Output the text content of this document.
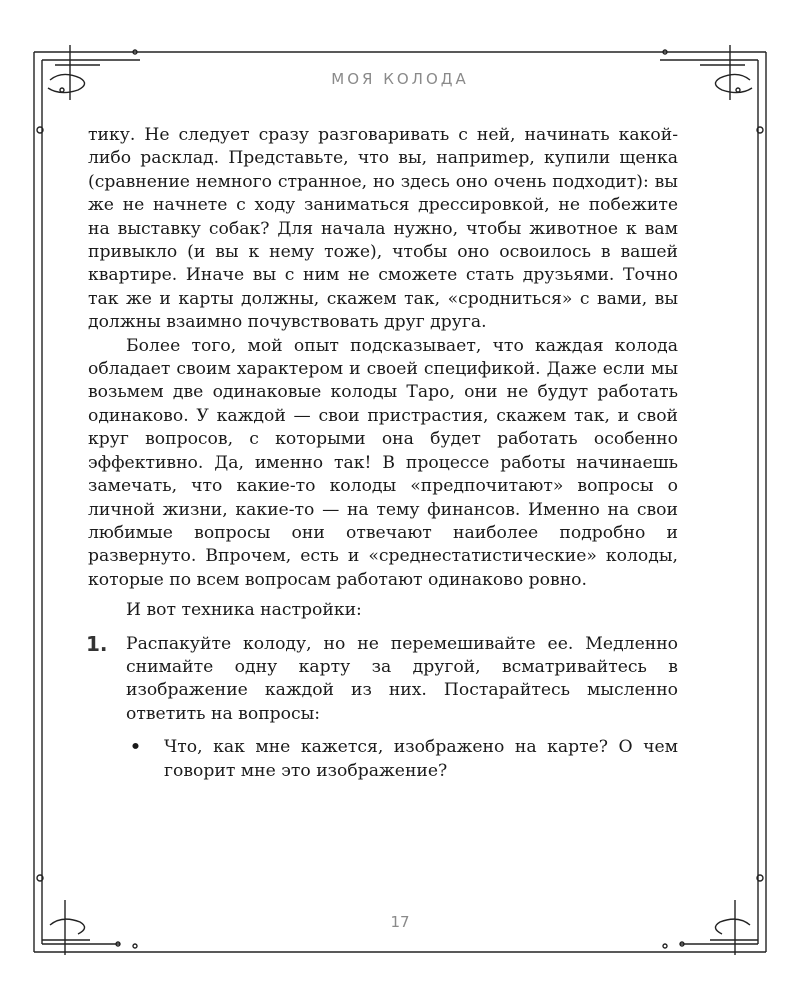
МОЯ КОЛОДА

тику. Не следует сразу разговаривать с ней, начинать какой-либо расклад. Представьте, что вы, наприmер, купили щенка (сравнение немного странное, но здесь оно очень подходит): вы же не начнете с ходу заниматься дрессировкой, не побежите на выставку собак? Для начала нужно, чтобы животное к вам привыкло (и вы к нему тоже), чтобы оно освоилось в вашей квартире. Иначе вы с ним не сможете стать друзьями. Точно так же и карты должны, скажем так, «сродниться» с вами, вы должны взаимно почувствовать друг друга.

Более того, мой опыт подсказывает, что каждая колода обладает своим характером и своей спецификой. Даже если мы возьмем две одинаковые колоды Таро, они не будут работать одинаково. У каждой — свои пристрастия, скажем так, и свой круг вопросов, с которыми она будет работать особенно эффективно. Да, именно так! В процессе работы начинаешь замечать, что какие-то колоды «предпочитают» вопросы о личной жизни, какие-то — на тему финансов. Именно на свои любимые вопросы они отвечают наиболее подробно и развернуто. Впрочем, есть и «среднестатистические» колоды, которые по всем вопросам работают одинаково ровно.

И вот техника настройки:

1. Распакуйте колоду, но не перемешивайте ее. Медленно снимайте одну карту за другой, всматривайтесь в изображение каждой из них. Постарайтесь мысленно ответить на вопросы:
• Что, как мне кажется, изображено на карте? О чем говорит мне это изображение?
17
